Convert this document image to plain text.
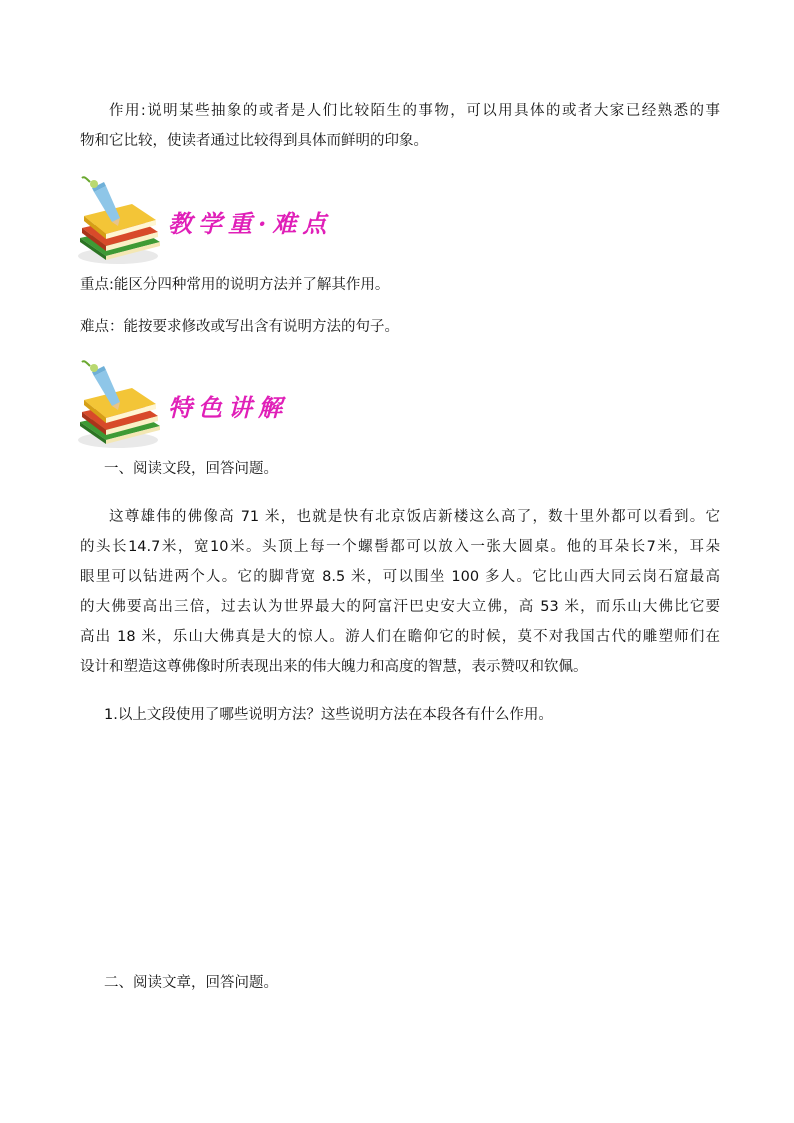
作用:说明某些抽象的或者是人们比较陌生的事物，可以用具体的或者大家已经熟悉的事

物和它比较，使读者通过比较得到具体而鲜明的印象。

教学重·难点
重点:能区分四种常用的说明方法并了解其作用。
难点：能按要求修改或写出含有说明方法的句子。
特色讲解
一、阅读文段，回答问题。

这尊雄伟的佛像高 71 米，也就是快有北京饭店新楼这么高了，数十里外都可以看到。它

的头长14.7米，宽10米。头顶上每一个螺髻都可以放入一张大圆桌。他的耳朵长7米，耳朵

眼里可以钻进两个人。它的脚背宽 8.5 米，可以围坐 100 多人。它比山西大同云岗石窟最高

的大佛要高出三倍，过去认为世界最大的阿富汗巴史安大立佛，高 53 米，而乐山大佛比它要

高出 18 米，乐山大佛真是大的惊人。游人们在瞻仰它的时候，莫不对我国古代的雕塑师们在

设计和塑造这尊佛像时所表现出来的伟大魄力和高度的智慧，表示赞叹和钦佩。

1.以上文段使用了哪些说明方法？这些说明方法在本段各有什么作用。
二、阅读文章，回答问题。
